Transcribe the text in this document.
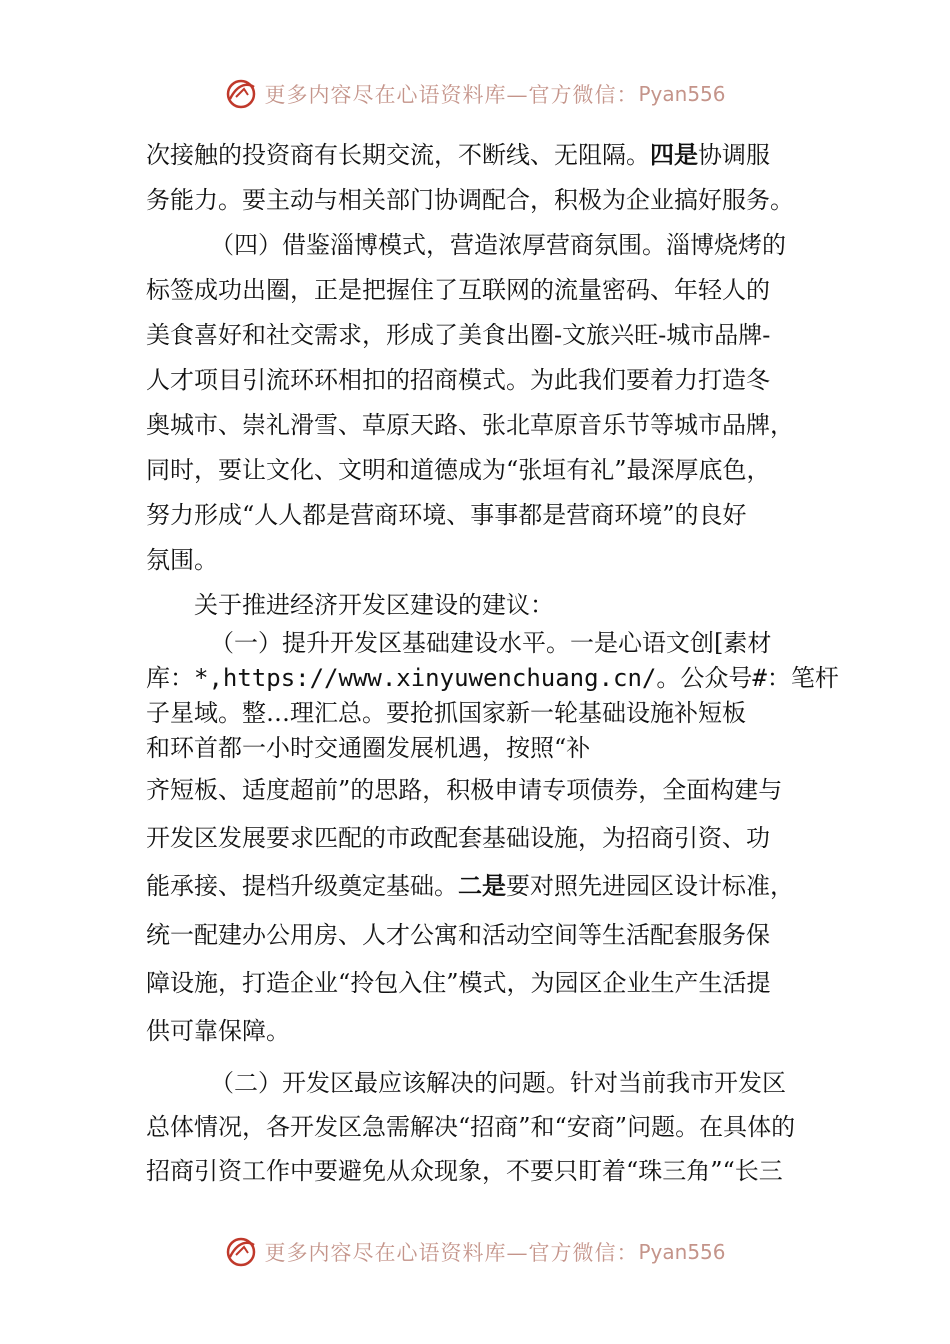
更多内容尽在心语资料库—官方微信： Pyan556
次接触的投资商有长期交流，不断线、无阻隔。四是协调服
务能力。要主动与相关部门协调配合，积极为企业搞好服务。
（四）借鉴淄博模式，营造浓厚营商氛围。淄博烧烤的
标签成功出圈，正是把握住了互联网的流量密码、年轻人的
美食喜好和社交需求，形成了美食出圈-文旅兴旺-城市品牌-
人才项目引流环环相扣的招商模式。为此我们要着力打造冬
奥城市、崇礼滑雪、草原天路、张北草原音乐节等城市品牌，
同时，要让文化、文明和道德成为“张垣有礼”最深厚底色，
努力形成“人人都是营商环境、事事都是营商环境”的良好
氛围。
关于推进经济开发区建设的建议：
（一）提升开发区基础建设水平。一是心语文创[素材
库：*,https://www.xinyuwenchuang.cn/。公众号#：笔杆
子星域。整…理汇总。要抢抓国家新一轮基础设施补短板
和环首都一小时交通圈发展机遇，按照“补
齐短板、适度超前”的思路，积极申请专项债券，全面构建与
开发区发展要求匹配的市政配套基础设施，为招商引资、功
能承接、提档升级奠定基础。二是要对照先进园区设计标准，
统一配建办公用房、人才公寓和活动空间等生活配套服务保
障设施，打造企业“拎包入住”模式，为园区企业生产生活提
供可靠保障。
（二）开发区最应该解决的问题。针对当前我市开发区
总体情况，各开发区急需解决“招商”和“安商”问题。在具体的
招商引资工作中要避免从众现象，不要只盯着“珠三角”“长三
更多内容尽在心语资料库—官方微信： Pyan556
